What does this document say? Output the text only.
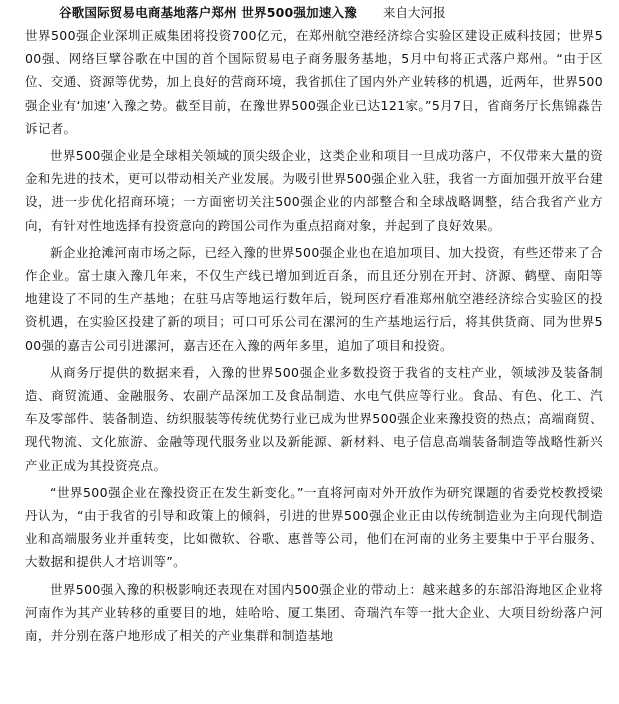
谷歌国际贸易电商基地落户郑州 世界500强加速入豫 来自大河报

世界500强企业深圳正威集团将投资700亿元，在郑州航空港经济综合实验区建设正威科技园；世界500强、网络巨擘谷歌在中国的首个国际贸易电子商务服务基地，5月中旬将正式落户郑州。“由于区位、交通、资源等优势，加上良好的营商环境，我省抓住了国内外产业转移的机遇，近两年，世界500强企业有‘加速’入豫之势。截至目前，在豫世界500强企业已达121家。”5月7日，省商务厅长焦锦淼告诉记者。

世界500强企业是全球相关领域的顶尖级企业，这类企业和项目一旦成功落户，不仅带来大量的资金和先进的技术，更可以带动相关产业发展。为吸引世界500强企业入驻，我省一方面加强开放平台建设，进一步优化招商环境；一方面密切关注500强企业的内部整合和全球战略调整，结合我省产业方向，有针对性地选择有投资意向的跨国公司作为重点招商对象，并起到了良好效果。

新企业抢滩河南市场之际，已经入豫的世界500强企业也在追加项目、加大投资，有些还带来了合作企业。富士康入豫几年来，不仅生产线已增加到近百条，而且还分别在开封、济源、鹤壁、南阳等地建设了不同的生产基地；在驻马店等地运行数年后，锐珂医疗看准郑州航空港经济综合实验区的投资机遇，在实验区投建了新的项目；可口可乐公司在漯河的生产基地运行后，将其供货商、同为世界500强的嘉吉公司引进漯河，嘉吉还在入豫的两年多里，追加了项目和投资。

从商务厅提供的数据来看，入豫的世界500强企业多数投资于我省的支柱产业，领域涉及装备制造、商贸流通、金融服务、农副产品深加工及食品制造、水电气供应等行业。食品、有色、化工、汽车及零部件、装备制造、纺织服装等传统优势行业已成为世界500强企业来豫投资的热点；高端商贸、现代物流、文化旅游、金融等现代服务业以及新能源、新材料、电子信息高端装备制造等战略性新兴产业正成为其投资亮点。

“世界500强企业在豫投资正在发生新变化。”一直将河南对外开放作为研究课题的省委党校教授梁丹认为，“由于我省的引导和政策上的倾斜，引进的世界500强企业正由以传统制造业为主向现代制造业和高端服务业并重转变，比如微软、谷歌、惠普等公司，他们在河南的业务主要集中于平台服务、大数据和提供人才培训等”。

世界500强入豫的积极影响还表现在对国内500强企业的带动上：越来越多的东部沿海地区企业将河南作为其产业转移的重要目的地，娃哈哈、厦工集团、奇瑞汽车等一批大企业、大项目纷纷落户河南，并分别在落户地形成了相关的产业集群和制造基地
